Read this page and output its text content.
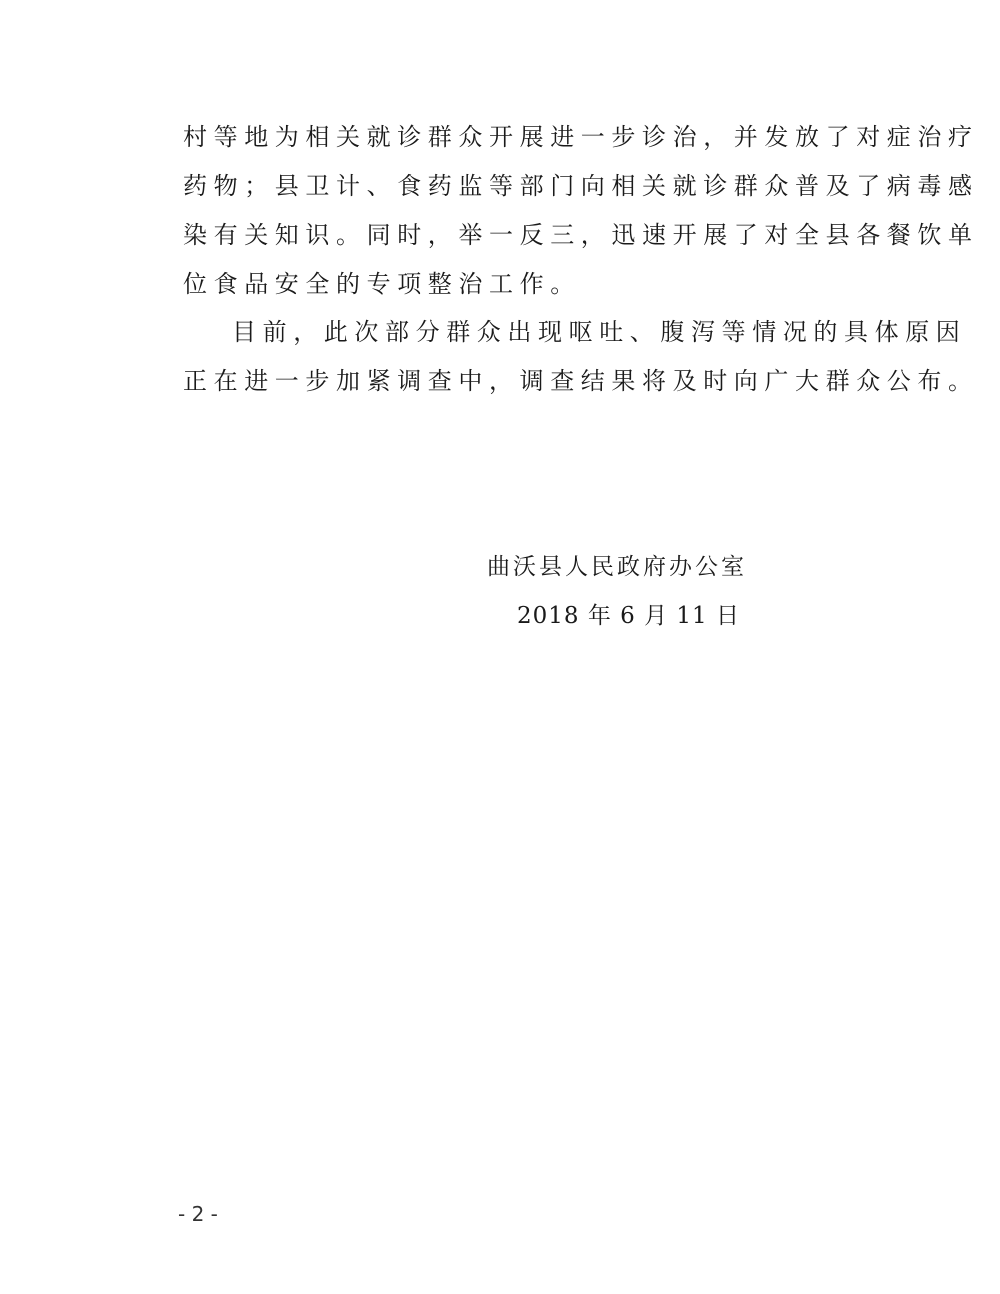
村等地为相关就诊群众开展进一步诊治，并发放了对症治疗
药物；县卫计、食药监等部门向相关就诊群众普及了病毒感
染有关知识。同时，举一反三，迅速开展了对全县各餐饮单
位食品安全的专项整治工作。
目前，此次部分群众出现呕吐、腹泻等情况的具体原因
正在进一步加紧调查中，调查结果将及时向广大群众公布。
曲沃县人民政府办公室
2018 年 6 月 11 日
- 2 -
